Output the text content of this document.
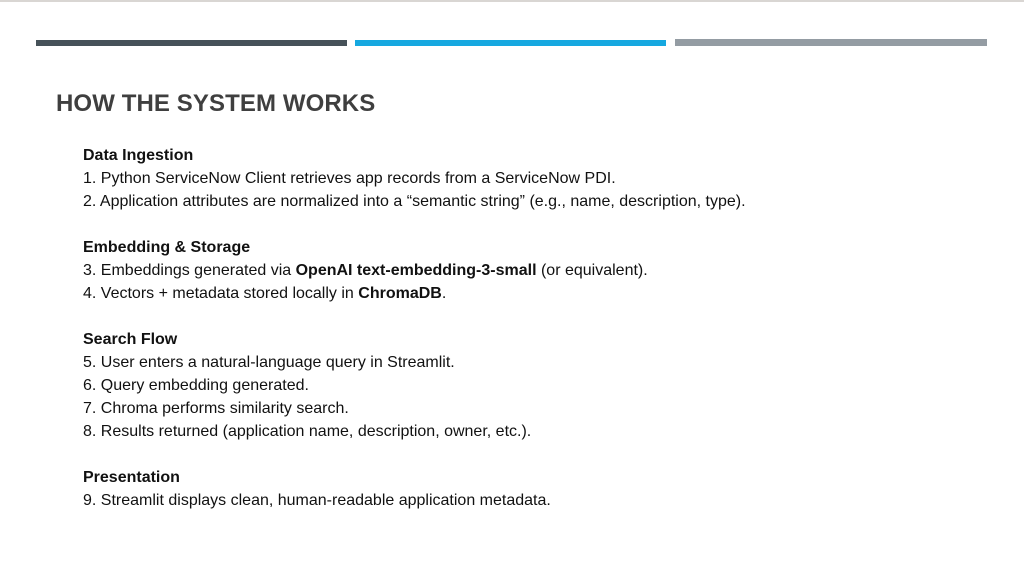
HOW THE SYSTEM WORKS
Data Ingestion
1. Python ServiceNow Client retrieves app records from a ServiceNow PDI.
2. Application attributes are normalized into a “semantic string” (e.g., name, description, type).
Embedding & Storage
3. Embeddings generated via OpenAI text-embedding-3-small (or equivalent).
4. Vectors + metadata stored locally in ChromaDB.
Search Flow
5. User enters a natural-language query in Streamlit.
6. Query embedding generated.
7. Chroma performs similarity search.
8. Results returned (application name, description, owner, etc.).
Presentation
9. Streamlit displays clean, human-readable application metadata.
